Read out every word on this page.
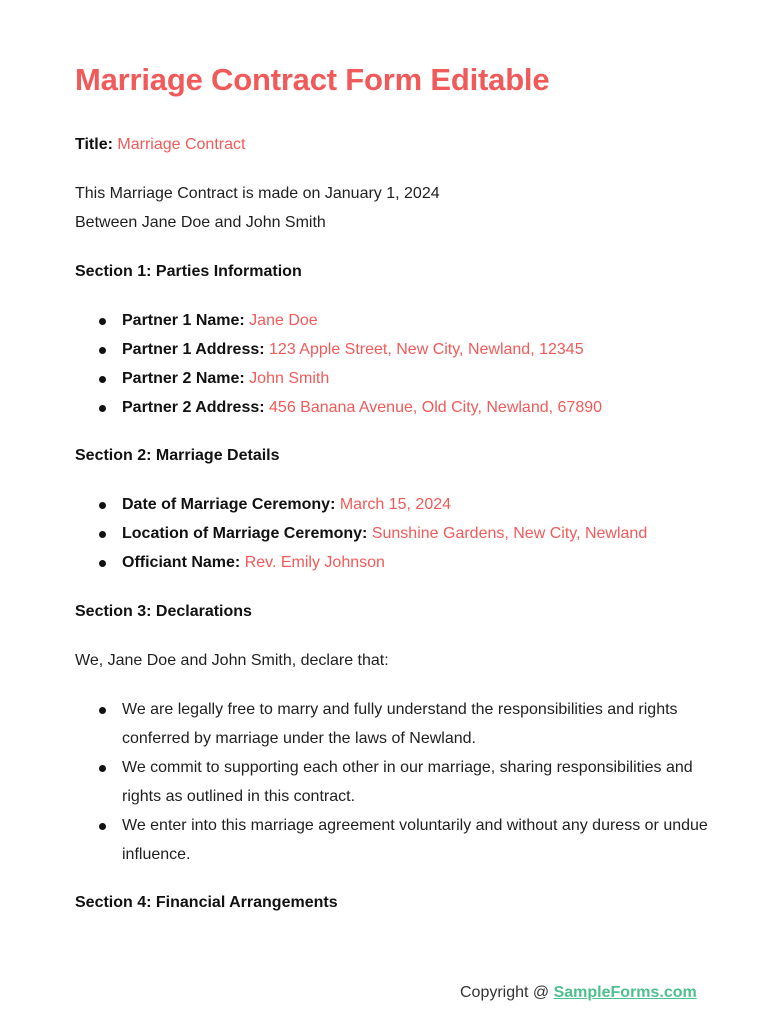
Marriage Contract Form Editable
Title: Marriage Contract
This Marriage Contract is made on January 1, 2024
Between Jane Doe and John Smith
Section 1: Parties Information
Partner 1 Name: Jane Doe
Partner 1 Address: 123 Apple Street, New City, Newland, 12345
Partner 2 Name: John Smith
Partner 2 Address: 456 Banana Avenue, Old City, Newland, 67890
Section 2: Marriage Details
Date of Marriage Ceremony: March 15, 2024
Location of Marriage Ceremony: Sunshine Gardens, New City, Newland
Officiant Name: Rev. Emily Johnson
Section 3: Declarations
We, Jane Doe and John Smith, declare that:
We are legally free to marry and fully understand the responsibilities and rights conferred by marriage under the laws of Newland.
We commit to supporting each other in our marriage, sharing responsibilities and rights as outlined in this contract.
We enter into this marriage agreement voluntarily and without any duress or undue influence.
Section 4: Financial Arrangements
Copyright @ SampleForms.com
